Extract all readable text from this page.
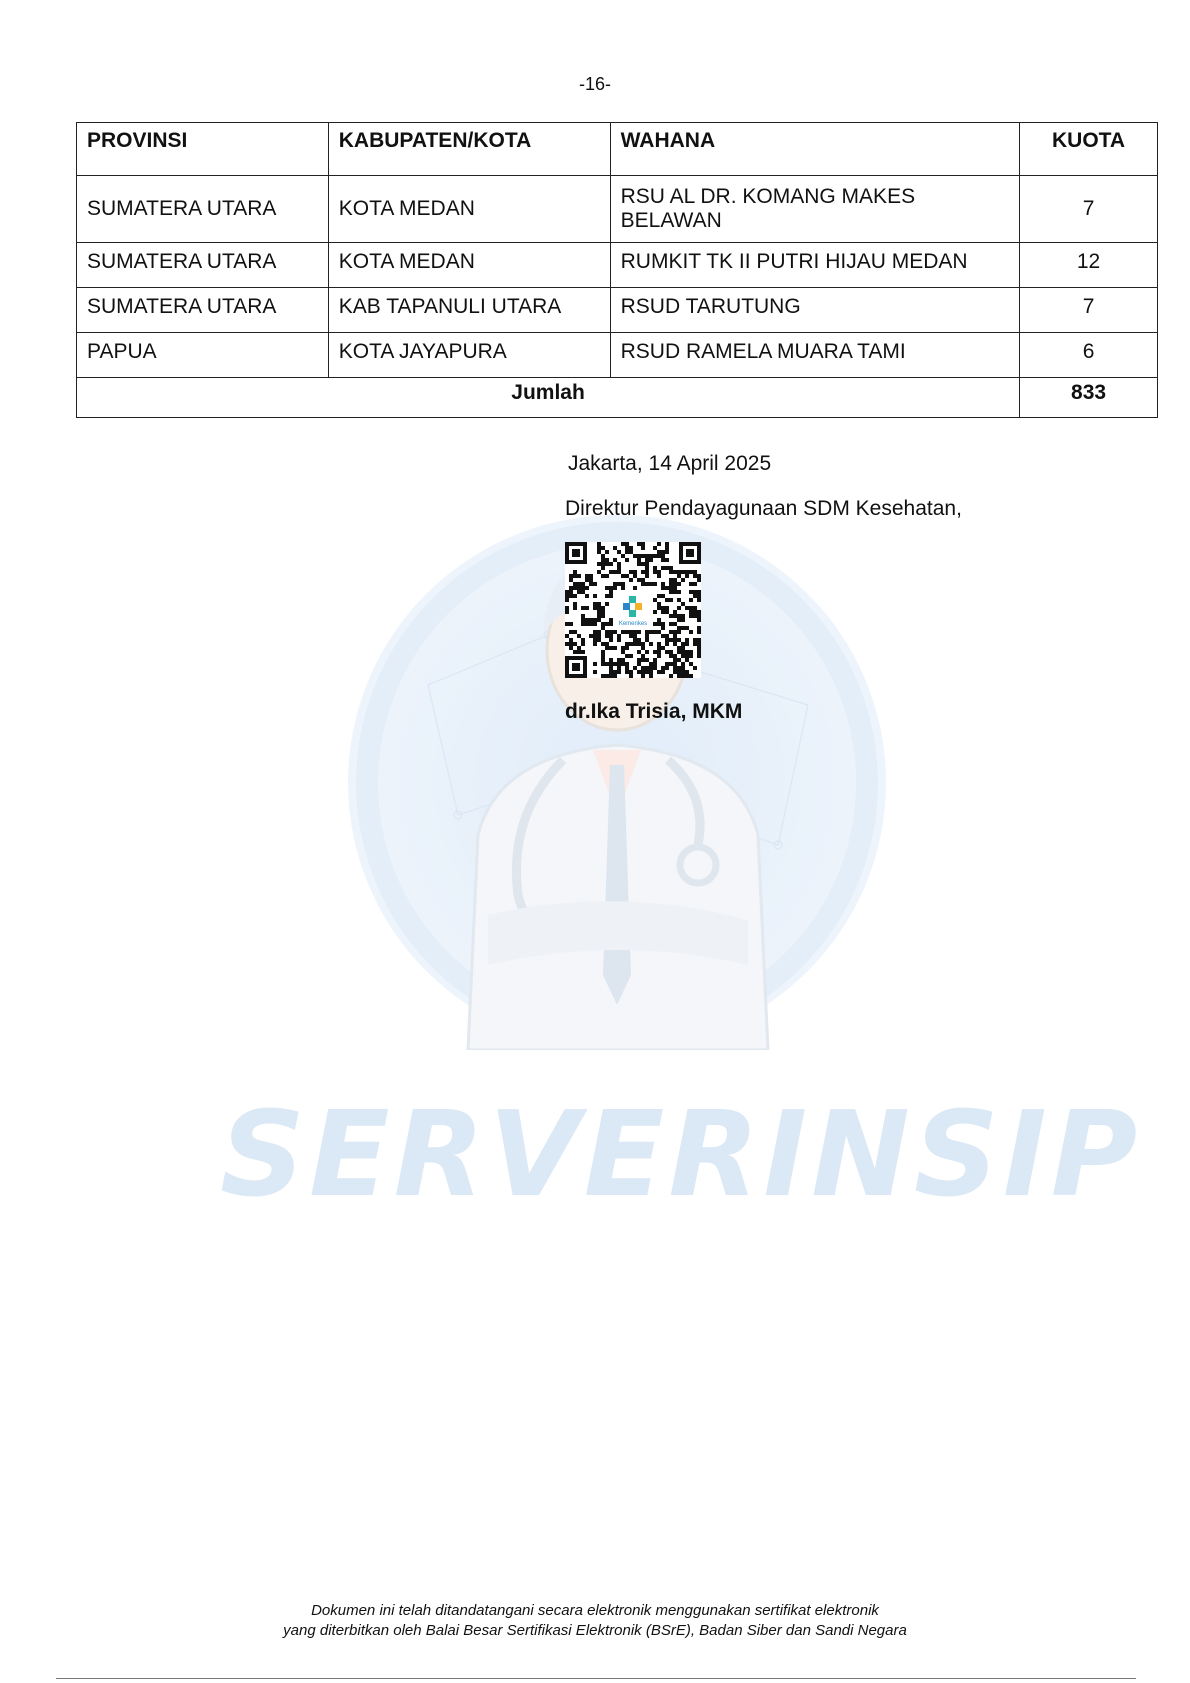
SERVERINSIP
-16-
PROVINSI	KABUPATEN/KOTA	WAHANA	KUOTA
SUMATERA UTARA	KOTA MEDAN	RSU AL DR. KOMANG MAKES BELAWAN	7
SUMATERA UTARA	KOTA MEDAN	RUMKIT TK II PUTRI HIJAU MEDAN	12
SUMATERA UTARA	KAB TAPANULI UTARA	RSUD TARUTUNG	7
PAPUA	KOTA JAYAPURA	RSUD RAMELA MUARA TAMI	6
Jumlah			833
Jakarta, 14 April 2025
Direktur Pendayagunaan SDM Kesehatan,
Kemenkes
dr.Ika Trisia, MKM
Dokumen ini telah ditandatangani secara elektronik menggunakan sertifikat elektronik
yang diterbitkan oleh Balai Besar Sertifikasi Elektronik (BSrE), Badan Siber dan Sandi Negara
